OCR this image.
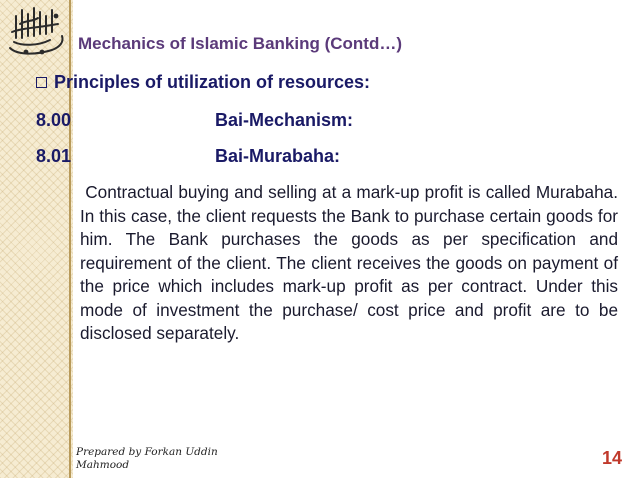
Mechanics of Islamic Banking (Contd…)
Principles of utilization of resources:
8.00	Bai-Mechanism:
8.01	Bai-Murabaha:
Contractual buying and selling at a mark-up profit is called Murabaha. In this case, the client requests the Bank to purchase certain goods for him. The Bank purchases the goods as per specification and requirement of the client. The client receives the goods on payment of the price which includes mark-up profit as per contract. Under this mode of investment the purchase/ cost price and profit are to be disclosed separately.
Prepared by Forkan Uddin
Mahmood	14
